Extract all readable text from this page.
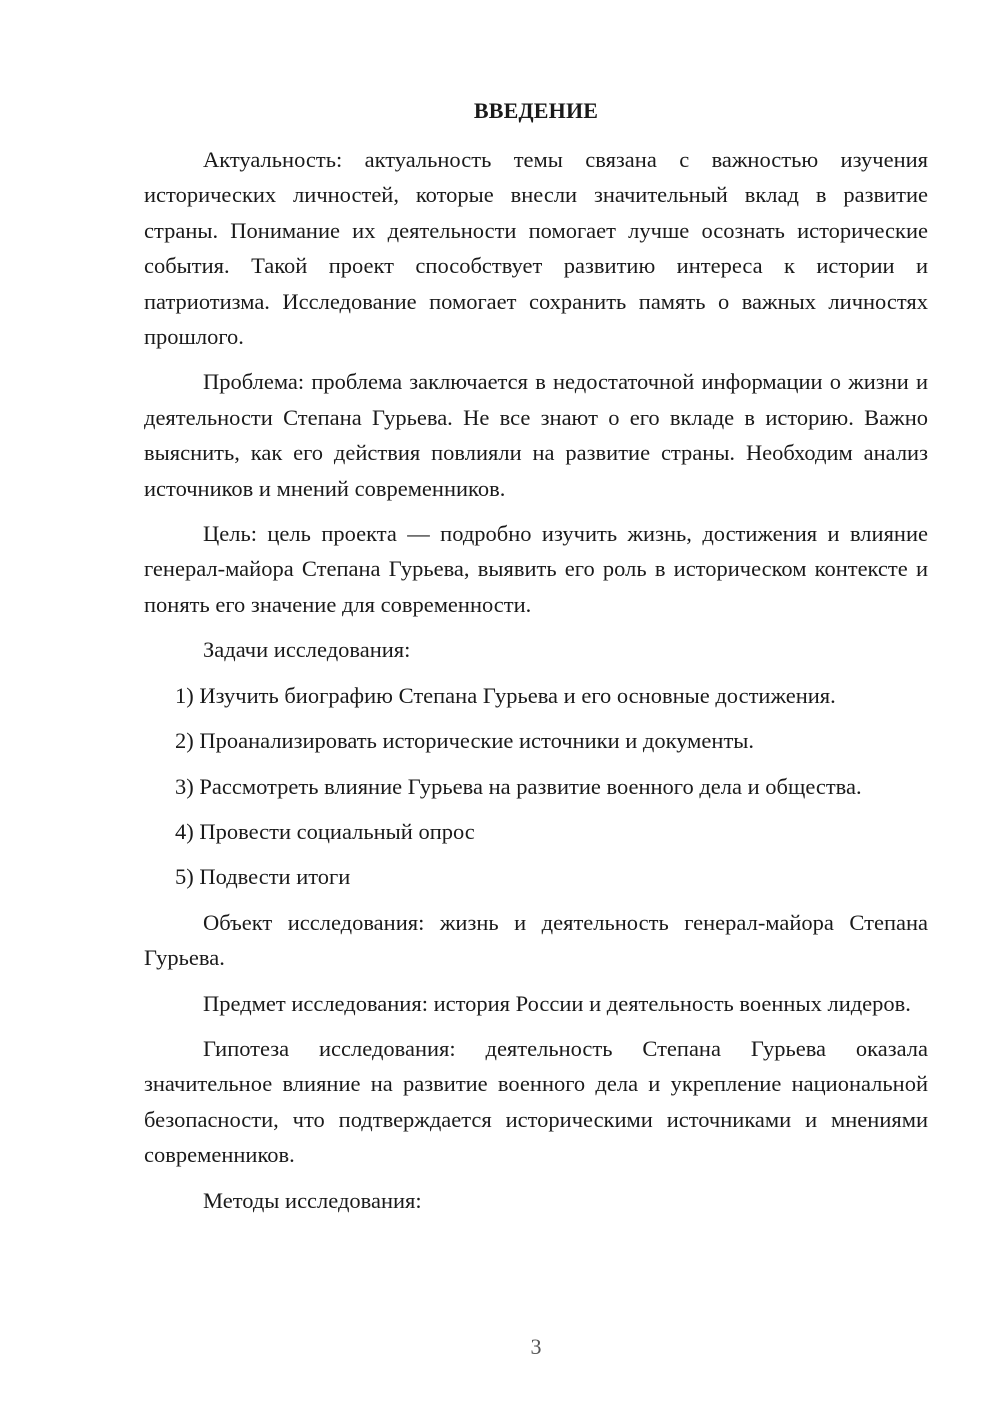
ВВЕДЕНИЕ

Актуальность: актуальность темы связана с важностью изучения исторических личностей, которые внесли значительный вклад в развитие страны. Понимание их деятельности помогает лучше осознать исторические события. Такой проект способствует развитию интереса к истории и патриотизма. Исследование помогает сохранить память о важных личностях прошлого.

Проблема: проблема заключается в недостаточной информации о жизни и деятельности Степана Гурьева. Не все знают о его вкладе в историю. Важно выяснить, как его действия повлияли на развитие страны. Необходим анализ источников и мнений современников.

Цель: цель проекта — подробно изучить жизнь, достижения и влияние генерал-майора Степана Гурьева, выявить его роль в историческом контексте и понять его значение для современности.

Задачи исследования:

1) Изучить биографию Степана Гурьева и его основные достижения.

2) Проанализировать исторические источники и документы.

3) Рассмотреть влияние Гурьева на развитие военного дела и общества.

4) Провести социальный опрос

5) Подвести итоги

Объект исследования: жизнь и деятельность генерал-майора Степана Гурьева.

Предмет исследования: история России и деятельность военных лидеров.

Гипотеза исследования: деятельность Степана Гурьева оказала значительное влияние на развитие военного дела и укрепление национальной безопасности, что подтверждается историческими источниками и мнениями современников.

Методы исследования:

3
